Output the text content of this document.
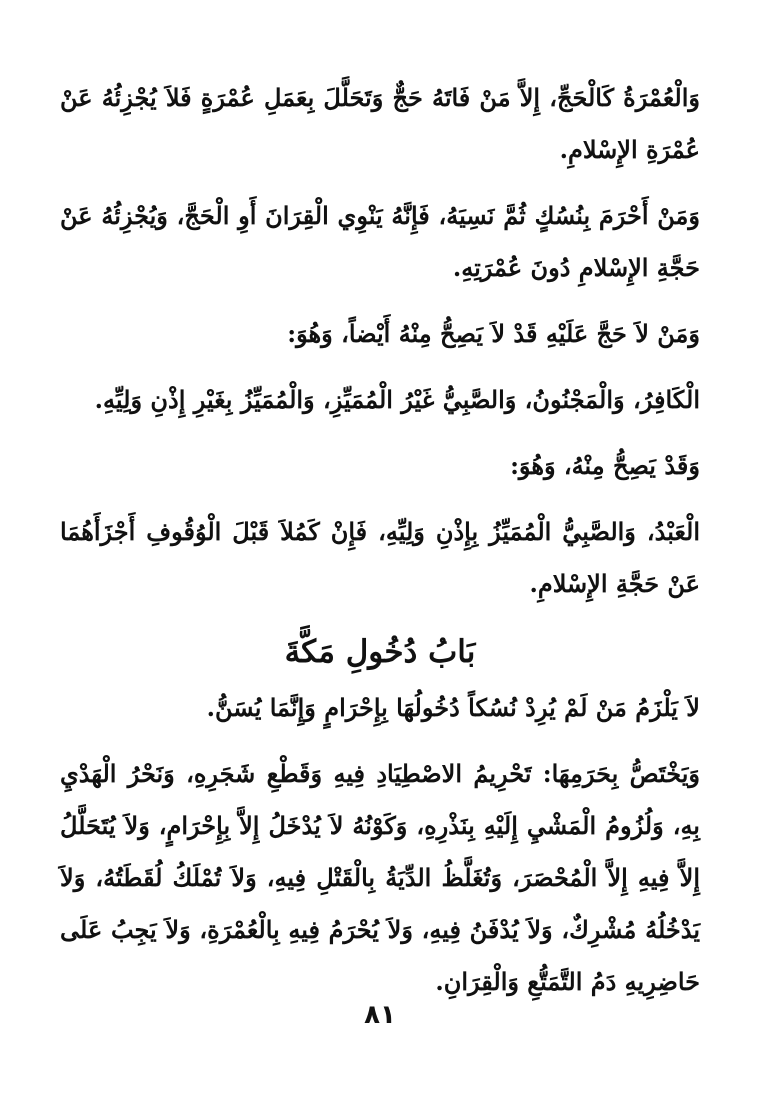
وَالْعُمْرَةُ كَالْحَجِّ، إِلاَّ مَنْ فَاتَهُ حَجٌّ وَتَحَلَّلَ بِعَمَلِ عُمْرَةٍ فَلاَ يُجْزِئُهُ عَنْ عُمْرَةِ الإِسْلامِ.

وَمَنْ أَحْرَمَ بِنُسُكٍ ثُمَّ نَسِيَهُ، فَإِنَّهُ يَنْوِي الْقِرَانَ أَوِ الْحَجَّ، وَيُجْزِئُهُ عَنْ حَجَّةِ الإِسْلامِ دُونَ عُمْرَتِهِ.

وَمَنْ لاَ حَجَّ عَلَيْهِ قَدْ لاَ يَصِحُّ مِنْهُ أَيْضاً، وَهُوَ:

الْكَافِرُ، وَالْمَجْنُونُ، وَالصَّبِيُّ غَيْرُ الْمُمَيِّزِ، وَالْمُمَيِّزُ بِغَيْرِ إِذْنِ وَلِيِّهِ.

وَقَدْ يَصِحُّ مِنْهُ، وَهُوَ:

الْعَبْدُ، وَالصَّبِيُّ الْمُمَيِّزُ بِإِذْنِ وَلِيِّهِ، فَإِنْ كَمُلاَ قَبْلَ الْوُقُوفِ أَجْزَأَهُمَا عَنْ حَجَّةِ الإِسْلامِ.

بَابُ دُخُولِ مَكَّةَ

لاَ يَلْزَمُ مَنْ لَمْ يُرِدْ نُسُكاً دُخُولُهَا بِإِحْرَامٍ وَإِنَّمَا يُسَنُّ.

وَيَخْتَصُّ بِحَرَمِهَا: تَحْرِيمُ الاصْطِيَادِ فِيهِ وَقَطْعِ شَجَرِهِ، وَنَحْرُ الْهَدْيِ بِهِ، وَلُزُومُ الْمَشْيِ إِلَيْهِ بِنَذْرِهِ، وَكَوْنُهُ لاَ يُدْخَلُ إِلاَّ بِإِحْرَامٍ، وَلاَ يُتَحَلَّلُ إِلاَّ فِيهِ إِلاَّ الْمُحْصَرَ، وَتُغَلَّظُ الدِّيَةُ بِالْقَتْلِ فِيهِ، وَلاَ تُمْلَكُ لُقَطَتُهُ، وَلاَ يَدْخُلُهُ مُشْرِكٌ، وَلاَ يُدْفَنُ فِيهِ، وَلاَ يُحْرَمُ فِيهِ بِالْعُمْرَةِ، وَلاَ يَجِبُ عَلَى حَاضِرِيهِ دَمُ التَّمَتُّعِ وَالْقِرَانِ.

٨١
